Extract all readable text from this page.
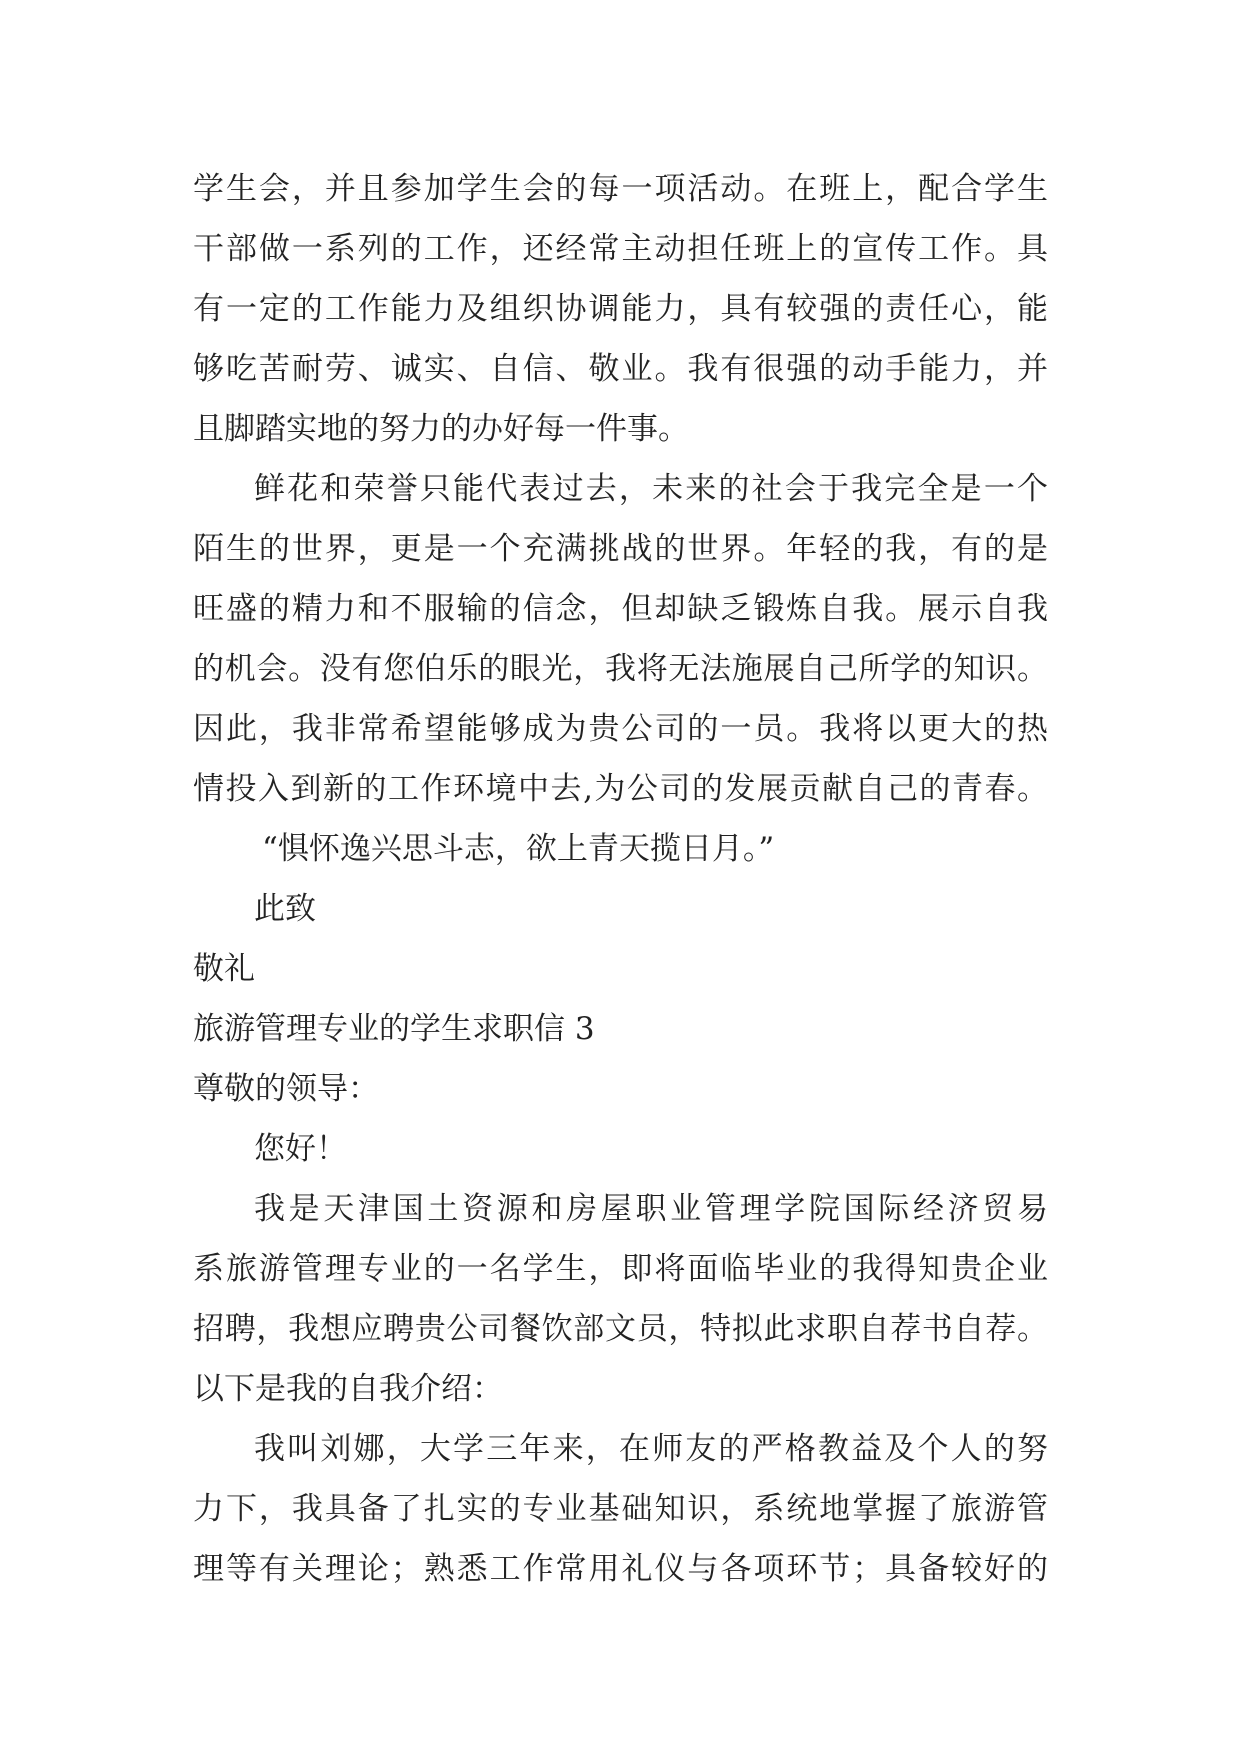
学生会，并且参加学生会的每一项活动。在班上，配合学生
干部做一系列的工作，还经常主动担任班上的宣传工作。具
有一定的工作能力及组织协调能力，具有较强的责任心，能
够吃苦耐劳、诚实、自信、敬业。我有很强的动手能力，并
且脚踏实地的努力的办好每一件事。
鲜花和荣誉只能代表过去，未来的社会于我完全是一个
陌生的世界，更是一个充满挑战的世界。年轻的我，有的是
旺盛的精力和不服输的信念，但却缺乏锻炼自我。展示自我
的机会。没有您伯乐的眼光，我将无法施展自己所学的知识。
因此，我非常希望能够成为贵公司的一员。我将以更大的热
情投入到新的工作环境中去,为公司的发展贡献自己的青春。
“惧怀逸兴思斗志，欲上青天揽日月。”
此致
敬礼
旅游管理专业的学生求职信 3
尊敬的领导：
您好！
我是天津国土资源和房屋职业管理学院国际经济贸易
系旅游管理专业的一名学生，即将面临毕业的我得知贵企业
招聘，我想应聘贵公司餐饮部文员，特拟此求职自荐书自荐。
以下是我的自我介绍：
我叫刘娜，大学三年来，在师友的严格教益及个人的努
力下，我具备了扎实的专业基础知识，系统地掌握了旅游管
理等有关理论；熟悉工作常用礼仪与各项环节；具备较好的
